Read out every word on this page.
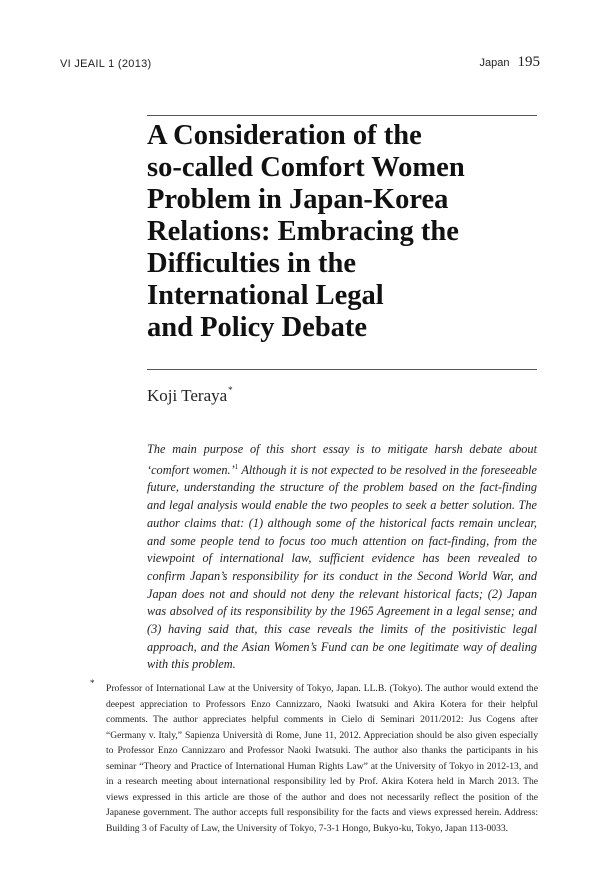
VI JEAIL 1 (2013)	Japan 195
A Consideration of the
so-called Comfort Women
Problem in Japan-Korea
Relations: Embracing the
Difficulties in the
International Legal
and Policy Debate
Koji Teraya*

The main purpose of this short essay is to mitigate harsh debate about ‘comfort women.’$^1$ Although it is not expected to be resolved in the foreseeable future, understanding the structure of the problem based on the fact-finding and legal analysis would enable the two peoples to seek a better solution. The author claims that: (1) although some of the historical facts remain unclear, and some people tend to focus too much attention on fact-finding, from the viewpoint of international law, sufficient evidence has been revealed to confirm Japan’s responsibility for its conduct in the Second World War, and Japan does not and should not deny the relevant historical facts; (2) Japan was absolved of its responsibility by the 1965 Agreement in a legal sense; and (3) having said that, this case reveals the limits of the positivistic legal approach, and the Asian Women’s Fund can be one legitimate way of dealing with this problem.

* Professor of International Law at the University of Tokyo, Japan. LL.B. (Tokyo). The author would extend the deepest appreciation to Professors Enzo Cannizzaro, Naoki Iwatsuki and Akira Kotera for their helpful comments. The author appreciates helpful comments in Cielo di Seminari 2011/2012: Jus Cogens after “Germany v. Italy,” Sapienza Università di Rome, June 11, 2012. Appreciation should be also given especially to Professor Enzo Cannizzaro and Professor Naoki Iwatsuki. The author also thanks the participants in his seminar “Theory and Practice of International Human Rights Law” at the University of Tokyo in 2012-13, and in a research meeting about international responsibility led by Prof. Akira Kotera held in March 2013. The views expressed in this article are those of the author and does not necessarily reflect the position of the Japanese government. The author accepts full responsibility for the facts and views expressed herein. Address: Building 3 of Faculty of Law, the University of Tokyo, 7-3-1 Hongo, Bukyo-ku, Tokyo, Japan 113-0033.
